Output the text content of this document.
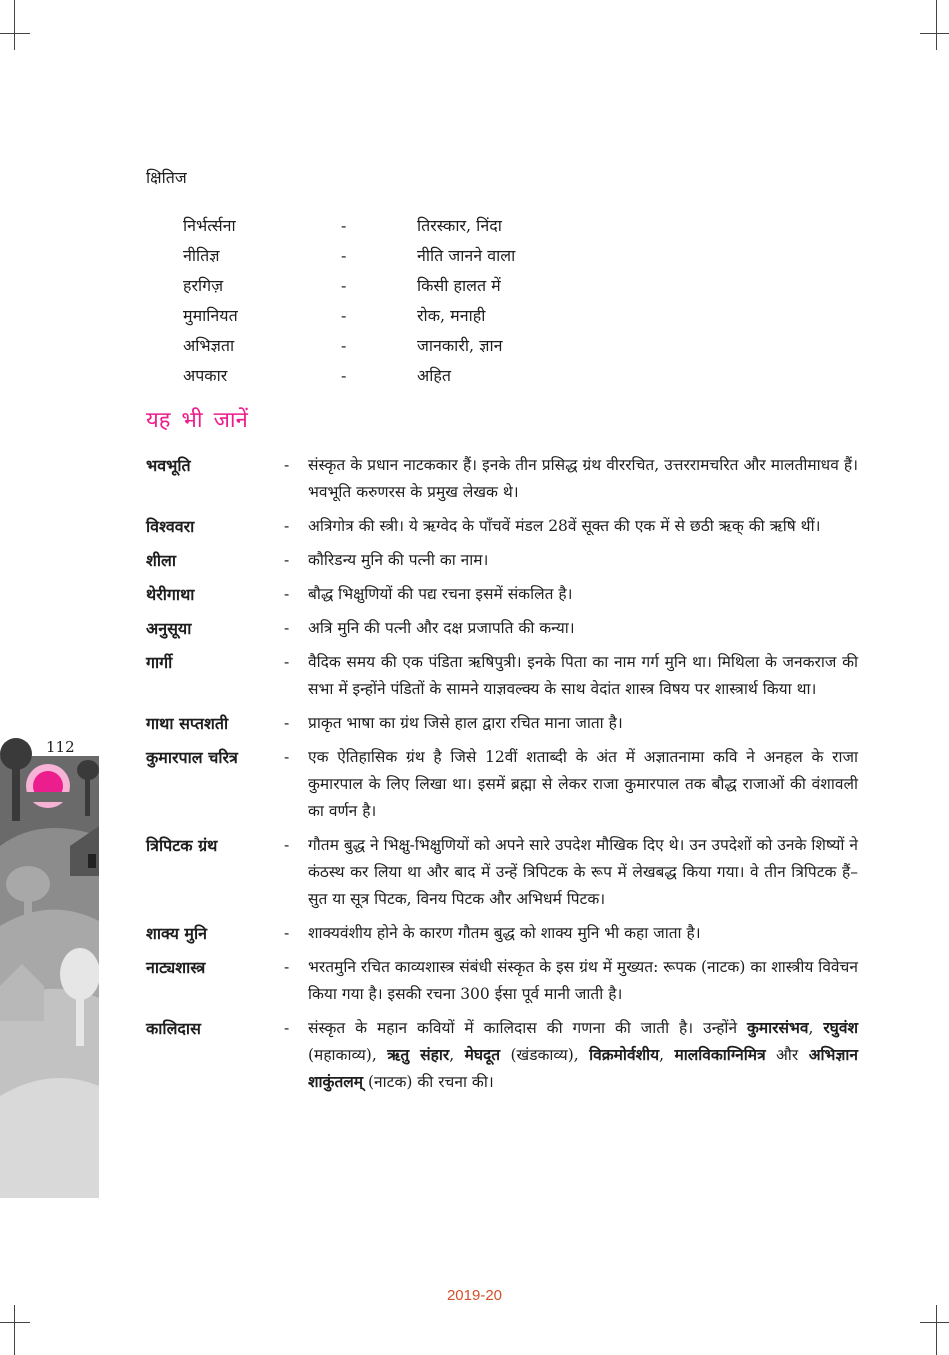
क्षितिज
निर्भर्त्सना	-	तिरस्कार, निंदा
नीतिज्ञ	-	नीति जानने वाला
हरगिज़	-	किसी हालत में
मुमानियत	-	रोक, मनाही
अभिज्ञता	-	जानकारी, ज्ञान
अपकार	-	अहित
यह भी जानें
भवभूति	-	संस्कृत के प्रधान नाटककार हैं। इनके तीन प्रसिद्ध ग्रंथ वीररचित, उत्तररामचरित और मालतीमाधव हैं। भवभूति करुणरस के प्रमुख लेखक थे।
विश्ववरा	-	अत्रिगोत्र की स्त्री। ये ऋग्वेद के पाँचवें मंडल 28वें सूक्त की एक में से छठी ऋक् की ऋषि थीं।
शीला	-	कौरिडन्य मुनि की पत्नी का नाम।
थेरीगाथा	-	बौद्ध भिक्षुणियों की पद्य रचना इसमें संकलित है।
अनुसूया	-	अत्रि मुनि की पत्नी और दक्ष प्रजापति की कन्या।
गार्गी	-	वैदिक समय की एक पंडिता ऋषिपुत्री। इनके पिता का नाम गर्ग मुनि था। मिथिला के जनकराज की सभा में इन्होंने पंडितों के सामने याज्ञवल्क्य के साथ वेदांत शास्त्र विषय पर शास्त्रार्थ किया था।
गाथा सप्तशती	-	प्राकृत भाषा का ग्रंथ जिसे हाल द्वारा रचित माना जाता है।
कुमारपाल चरित्र	-	एक ऐतिहासिक ग्रंथ है जिसे 12वीं शताब्दी के अंत में अज्ञातनामा कवि ने अनहल के राजा कुमारपाल के लिए लिखा था। इसमें ब्रह्मा से लेकर राजा कुमारपाल तक बौद्ध राजाओं की वंशावली का वर्णन है।
त्रिपिटक ग्रंथ	-	गौतम बुद्ध ने भिक्षु-भिक्षुणियों को अपने सारे उपदेश मौखिक दिए थे। उन उपदेशों को उनके शिष्यों ने कंठस्थ कर लिया था और बाद में उन्हें त्रिपिटक के रूप में लेखबद्ध किया गया। वे तीन त्रिपिटक हैं–सुत या सूत्र पिटक, विनय पिटक और अभिधर्म पिटक।
शाक्य मुनि	-	शाक्यवंशीय होने के कारण गौतम बुद्ध को शाक्य मुनि भी कहा जाता है।
नाट्यशास्त्र	-	भरतमुनि रचित काव्यशास्त्र संबंधी संस्कृत के इस ग्रंथ में मुख्यत: रूपक (नाटक) का शास्त्रीय विवेचन किया गया है। इसकी रचना 300 ईसा पूर्व मानी जाती है।
कालिदास	-	संस्कृत के महान कवियों में कालिदास की गणना की जाती है। उन्होंने कुमारसंभव, रघुवंश (महाकाव्य), ऋतु संहार, मेघदूत (खंडकाव्य), विक्रमोर्वशीय, मालविकाग्निमित्र और अभिज्ञान शाकुंतलम् (नाटक) की रचना की।
112
2019-20
